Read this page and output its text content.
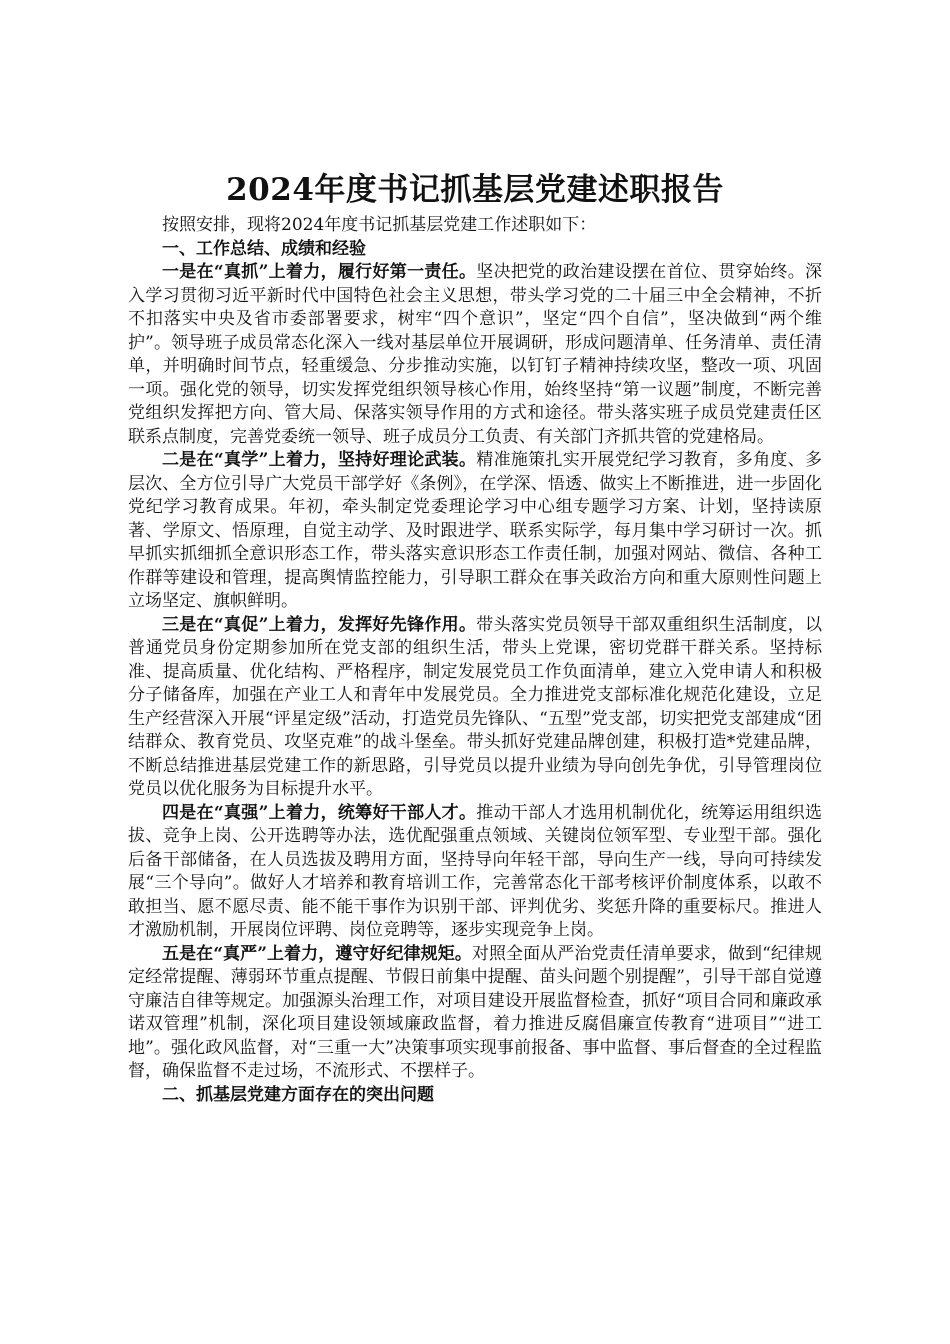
2024年度书记抓基层党建述职报告

按照安排，现将2024年度书记抓基层党建工作述职如下：

一、工作总结、成绩和经验

一是在“真抓”上着力，履行好第一责任。坚决把党的政治建设摆在首位、贯穿始终。深入学习贯彻习近平新时代中国特色社会主义思想，带头学习党的二十届三中全会精神，不折不扣落实中央及省市委部署要求，树牢“四个意识”，坚定“四个自信”，坚决做到“两个维护”。领导班子成员常态化深入一线对基层单位开展调研，形成问题清单、任务清单、责任清单，并明确时间节点，轻重缓急、分步推动实施，以钉钉子精神持续攻坚，整改一项、巩固一项。强化党的领导，切实发挥党组织领导核心作用，始终坚持“第一议题”制度，不断完善党组织发挥把方向、管大局、保落实领导作用的方式和途径。带头落实班子成员党建责任区联系点制度，完善党委统一领导、班子成员分工负责、有关部门齐抓共管的党建格局。

二是在“真学”上着力，坚持好理论武装。精准施策扎实开展党纪学习教育，多角度、多层次、全方位引导广大党员干部学好《条例》，在学深、悟透、做实上不断推进，进一步固化党纪学习教育成果。年初，牵头制定党委理论学习中心组专题学习方案、计划，坚持读原著、学原文、悟原理，自觉主动学、及时跟进学、联系实际学，每月集中学习研讨一次。抓早抓实抓细抓全意识形态工作，带头落实意识形态工作责任制，加强对网站、微信、各种工作群等建设和管理，提高舆情监控能力，引导职工群众在事关政治方向和重大原则性问题上立场坚定、旗帜鲜明。

三是在“真促”上着力，发挥好先锋作用。带头落实党员领导干部双重组织生活制度，以普通党员身份定期参加所在党支部的组织生活，带头上党课，密切党群干群关系。坚持标准、提高质量、优化结构、严格程序，制定发展党员工作负面清单，建立入党申请人和积极分子储备库，加强在产业工人和青年中发展党员。全力推进党支部标准化规范化建设，立足生产经营深入开展“评星定级”活动，打造党员先锋队、“五型”党支部，切实把党支部建成“团结群众、教育党员、攻坚克难”的战斗堡垒。带头抓好党建品牌创建，积极打造*党建品牌，不断总结推进基层党建工作的新思路，引导党员以提升业绩为导向创先争优，引导管理岗位党员以优化服务为目标提升水平。

四是在“真强”上着力，统筹好干部人才。推动干部人才选用机制优化，统筹运用组织选拔、竞争上岗、公开选聘等办法，选优配强重点领域、关键岗位领军型、专业型干部。强化后备干部储备，在人员选拔及聘用方面，坚持导向年轻干部，导向生产一线，导向可持续发展“三个导向”。做好人才培养和教育培训工作，完善常态化干部考核评价制度体系，以敢不敢担当、愿不愿尽责、能不能干事作为识别干部、评判优劣、奖惩升降的重要标尺。推进人才激励机制，开展岗位评聘、岗位竞聘等，逐步实现竞争上岗。

五是在“真严”上着力，遵守好纪律规矩。对照全面从严治党责任清单要求，做到“纪律规定经常提醒、薄弱环节重点提醒、节假日前集中提醒、苗头问题个别提醒”，引导干部自觉遵守廉洁自律等规定。加强源头治理工作，对项目建设开展监督检查，抓好“项目合同和廉政承诺双管理”机制，深化项目建设领域廉政监督，着力推进反腐倡廉宣传教育“进项目”“进工地”。强化政风监督，对“三重一大”决策事项实现事前报备、事中监督、事后督查的全过程监督，确保监督不走过场，不流形式、不摆样子。

二、抓基层党建方面存在的突出问题
